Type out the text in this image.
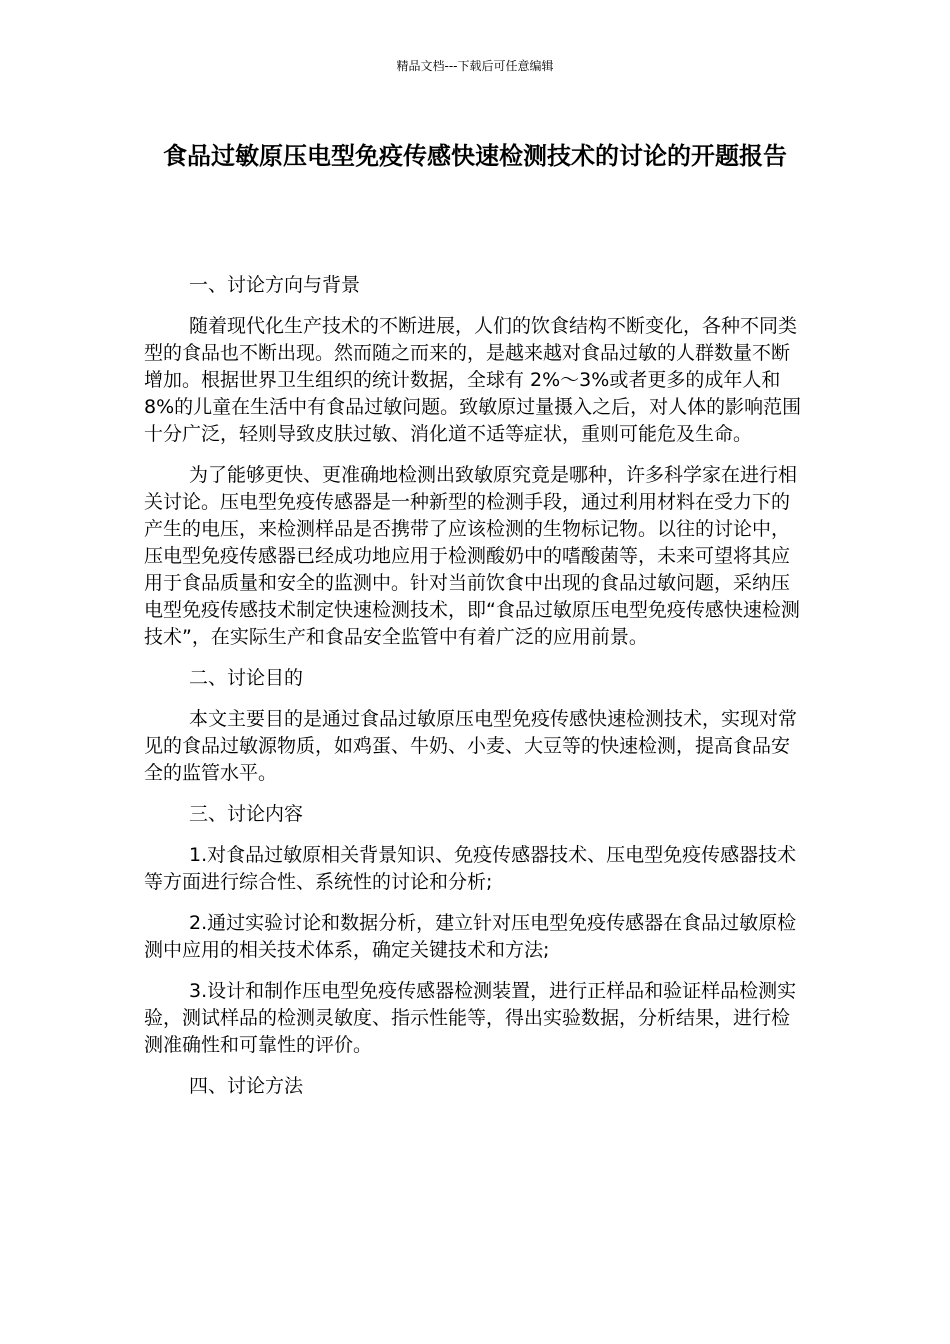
精品文档---下载后可任意编辑
食品过敏原压电型免疫传感快速检测技术的讨论的开题报告

一、讨论方向与背景

随着现代化生产技术的不断进展，人们的饮食结构不断变化，各种不同类型的食品也不断出现。然而随之而来的，是越来越对食品过敏的人群数量不断增加。根据世界卫生组织的统计数据，全球有 2%～3%或者更多的成年人和 8%的儿童在生活中有食品过敏问题。致敏原过量摄入之后，对人体的影响范围十分广泛，轻则导致皮肤过敏、消化道不适等症状，重则可能危及生命。

为了能够更快、更准确地检测出致敏原究竟是哪种，许多科学家在进行相关讨论。压电型免疫传感器是一种新型的检测手段，通过利用材料在受力下的产生的电压，来检测样品是否携带了应该检测的生物标记物。以往的讨论中，压电型免疫传感器已经成功地应用于检测酸奶中的嗜酸菌等，未来可望将其应用于食品质量和安全的监测中。针对当前饮食中出现的食品过敏问题，采纳压电型免疫传感技术制定快速检测技术，即“食品过敏原压电型免疫传感快速检测技术”，在实际生产和食品安全监管中有着广泛的应用前景。

二、讨论目的

本文主要目的是通过食品过敏原压电型免疫传感快速检测技术，实现对常见的食品过敏源物质，如鸡蛋、牛奶、小麦、大豆等的快速检测，提高食品安全的监管水平。

三、讨论内容

1.对食品过敏原相关背景知识、免疫传感器技术、压电型免疫传感器技术等方面进行综合性、系统性的讨论和分析;

2.通过实验讨论和数据分析，建立针对压电型免疫传感器在食品过敏原检测中应用的相关技术体系，确定关键技术和方法;

3.设计和制作压电型免疫传感器检测装置，进行正样品和验证样品检测实验，测试样品的检测灵敏度、指示性能等，得出实验数据，分析结果，进行检测准确性和可靠性的评价。

四、讨论方法
